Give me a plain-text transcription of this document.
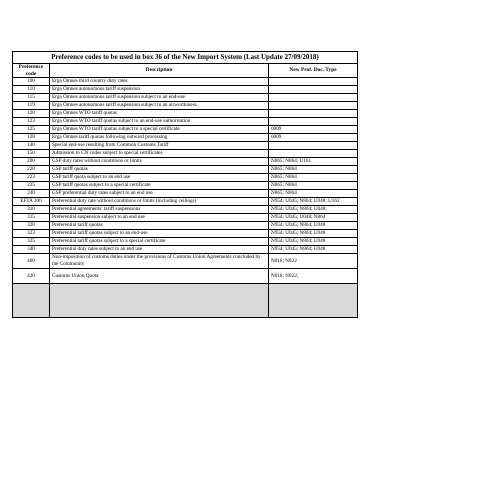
Preference codes to be used in box 36 of the New Import System (Last Update 27/09/2018)		
Preference code	Description	New Prof. Doc. Type
100	Erga Omnes third country duty rates	
110	Erga Omnes autonomous tariff suspension	
115	Erga Omnes autonomous tariff suspension subject to an end-use	
119	Erga Omnes autonomous tariff suspension subject to an airworthiness	
120	Erga Omnes WTO tariff quotas	
123	Erga Omnes WTO tariff quotas subject to an end-use authorisation	
125	Erga Omnes WTO tariff quotas subject to a special certificate	0009
128	Erga Omnes tariff quotas following outward processing	0009
140	Special end-use resulting from Common Customs Tariff	
150	Admission to CN codes subject to special certificates	
200	GSP duty rates without conditions or limits	N865; N864; U161
220	GSP tariff quotas	N865; N864
223	GSP tariff quota subject to an end use	N865; N864
225	GSP tariff quotas subject to a special certificate	N865; N864
240	GSP preferential duty rates subject to an end use	N865; N864
EFTA 300	Preferential duty rate without conditions or limits (including ceilings)	N954; U045; N864; U048; U162
310	Preferential agreements: tariff suspensions	N954; U045; N864; U048;
315	Preferential suspension subject to an end use	N954; U045; U048; N864
320	Preferential tariff quotas	N954; U045; N864; U048
323	Preferential tariff quotas subject to an end-use	N954; U045; N864; U048
325	Preferential tariff quotas subject to a special certificate	N954; U045; N864; U048
340	Preferential duty rates subject to an end use	N954; U045; N864; U048
400	Non-imposition of customs duties under the provisions of Customs Union Agreements concluded by the Community	N018; N822
420	Customs Union Quota	N018; N822;
